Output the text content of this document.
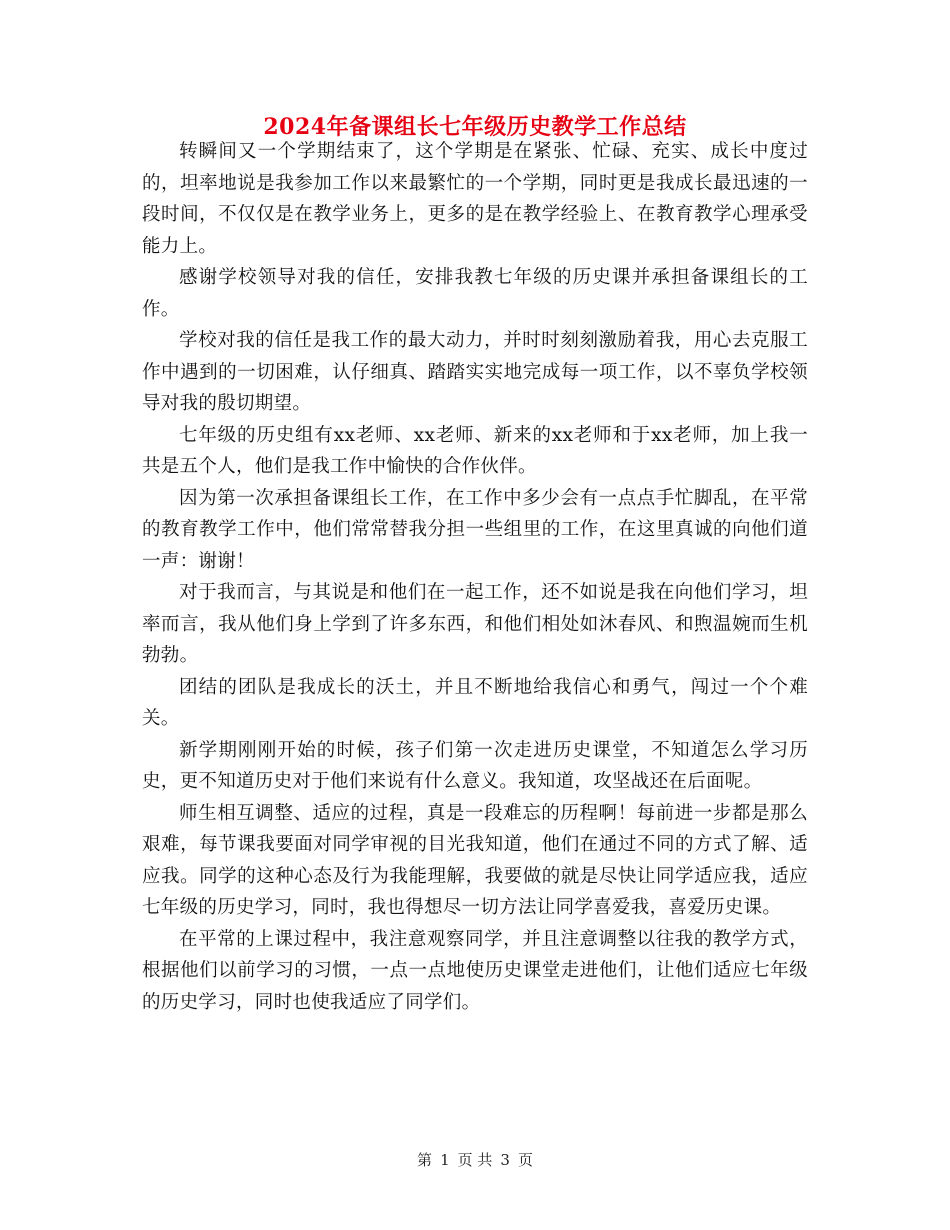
2024年备课组长七年级历史教学工作总结

转瞬间又一个学期结束了，这个学期是在紧张、忙碌、充实、成长中度过的，坦率地说是我参加工作以来最繁忙的一个学期，同时更是我成长最迅速的一段时间，不仅仅是在教学业务上，更多的是在教学经验上、在教育教学心理承受能力上。

感谢学校领导对我的信任，安排我教七年级的历史课并承担备课组长的工作。

学校对我的信任是我工作的最大动力，并时时刻刻激励着我，用心去克服工作中遇到的一切困难，认仔细真、踏踏实实地完成每一项工作，以不辜负学校领导对我的殷切期望。

七年级的历史组有xx老师、xx老师、新来的xx老师和于xx老师，加上我一共是五个人，他们是我工作中愉快的合作伙伴。

因为第一次承担备课组长工作，在工作中多少会有一点点手忙脚乱，在平常的教育教学工作中，他们常常替我分担一些组里的工作，在这里真诚的向他们道一声：谢谢！

对于我而言，与其说是和他们在一起工作，还不如说是我在向他们学习，坦率而言，我从他们身上学到了许多东西，和他们相处如沐春风、和煦温婉而生机勃勃。

团结的团队是我成长的沃土，并且不断地给我信心和勇气，闯过一个个难关。

新学期刚刚开始的时候，孩子们第一次走进历史课堂，不知道怎么学习历史，更不知道历史对于他们来说有什么意义。我知道，攻坚战还在后面呢。

师生相互调整、适应的过程，真是一段难忘的历程啊！每前进一步都是那么艰难，每节课我要面对同学审视的目光我知道，他们在通过不同的方式了解、适应我。同学的这种心态及行为我能理解，我要做的就是尽快让同学适应我，适应七年级的历史学习，同时，我也得想尽一切方法让同学喜爱我，喜爱历史课。

在平常的上课过程中，我注意观察同学，并且注意调整以往我的教学方式，根据他们以前学习的习惯，一点一点地使历史课堂走进他们，让他们适应七年级的历史学习，同时也使我适应了同学们。

第 1 页 共 3 页
